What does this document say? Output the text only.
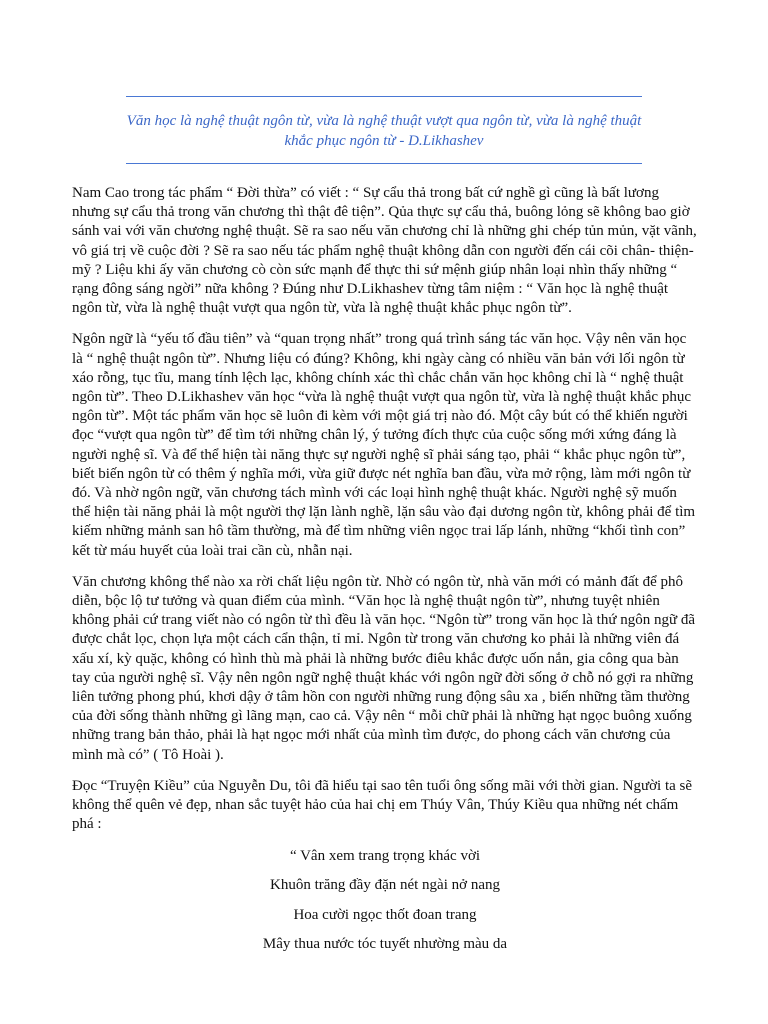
Văn học là nghệ thuật ngôn từ, vừa là nghệ thuật vượt qua ngôn từ, vừa là nghệ thuật khắc phục ngôn từ - D.Likhashev

Nam Cao trong tác phẩm “ Đời thừa” có viết : “ Sự cẩu thả trong bất cứ nghề gì cũng là bất lương nhưng sự cẩu thả trong văn chương thì thật đê tiện”. Qủa thực sự cẩu thả, buông lỏng sẽ không bao giờ sánh vai với văn chương nghệ thuật. Sẽ ra sao nếu văn chương chỉ là những ghi chép tủn mủn, vặt vãnh, vô giá trị về cuộc đời ? Sẽ ra sao nếu tác phẩm nghệ thuật không dẫn con người đến cái cõi chân- thiện- mỹ ? Liệu khi ấy văn chương cò còn sức mạnh để thực thi sứ mệnh giúp nhân loại nhìn thấy những “ rạng đông sáng ngời” nữa không ? Đúng như D.Likhashev từng tâm niệm : “ Văn học là nghệ thuật ngôn từ, vừa là nghệ thuật vượt qua ngôn từ, vừa là nghệ thuật khắc phục ngôn từ”.

Ngôn ngữ là “yếu tố đầu tiên” và “quan trọng nhất” trong quá trình sáng tác văn học. Vậy nên văn học là “ nghệ thuật ngôn từ”. Nhưng liệu có đúng? Không, khi ngày càng có nhiều văn bản với lối ngôn từ xáo rỗng, tục tĩu, mang tính lệch lạc, không chính xác thì chắc chắn văn học không chỉ là “ nghệ thuật ngôn từ”. Theo D.Likhashev văn học “vừa là nghệ thuật vượt qua ngôn từ, vừa là nghệ thuật khắc phục ngôn từ”. Một tác phẩm văn học sẽ luôn đi kèm với một giá trị nào đó. Một cây bút có thể khiến người đọc “vượt qua ngôn từ” để tìm tới những chân lý, ý tưởng đích thực của cuộc sống mới xứng đáng là người nghệ sĩ. Và để thể hiện tài năng thực sự người nghệ sĩ phải sáng tạo, phải “ khắc phục ngôn từ”, biết biến ngôn từ có thêm ý nghĩa mới, vừa giữ được nét nghĩa ban đầu, vừa mở rộng, làm mới ngôn từ đó. Và nhờ ngôn ngữ, văn chương tách mình với các loại hình nghệ thuật khác. Người nghệ sỹ muốn thể hiện tài năng phải là một người thợ lặn lành nghề, lặn sâu vào đại dương ngôn từ, không phải để tìm kiếm những mảnh san hô tầm thường, mà để tìm những viên ngọc trai lấp lánh, những “khối tình con” kết từ máu huyết của loài trai cần cù, nhẫn nại.

Văn chương không thể nào xa rời chất liệu ngôn từ. Nhờ có ngôn từ, nhà văn mới có mảnh đất để phô diễn, bộc lộ tư tưởng và quan điểm của mình. “Văn học là nghệ thuật ngôn từ”, nhưng tuyệt nhiên không phải cứ trang viết nào có ngôn từ thì đều là văn học. “Ngôn từ” trong văn học là thứ ngôn ngữ đã được chắt lọc, chọn lựa một cách cẩn thận, tỉ mỉ. Ngôn từ trong văn chương ko phải là những viên đá xấu xí, kỳ quặc, không có hình thù mà phải là những bước điêu khắc được uốn nắn, gia công qua bàn tay của người nghệ sĩ. Vậy nên ngôn ngữ nghệ thuật khác với ngôn ngữ đời sống ở chỗ nó gợi ra những liên tưởng phong phú, khơi dậy ở tâm hồn con người những rung động sâu xa , biến những tầm thường của đời sống thành những gì lãng mạn, cao cả. Vậy nên “ mỗi chữ phải là những hạt ngọc buông xuống những trang bản thảo, phải là hạt ngọc mới nhất của mình tìm được, do phong cách văn chương của mình mà có” ( Tô Hoài ).

Đọc “Truyện Kiều” của Nguyễn Du, tôi đã hiểu tại sao tên tuổi ông sống mãi với thời gian. Người ta sẽ không thể quên vẻ đẹp, nhan sắc tuyệt hảo của hai chị em Thúy Vân, Thúy Kiều qua những nét chấm phá :

“ Vân xem trang trọng khác vời
Khuôn trăng đầy đặn nét ngài nở nang
Hoa cười ngọc thốt đoan trang
Mây thua nước tóc tuyết nhường màu da
